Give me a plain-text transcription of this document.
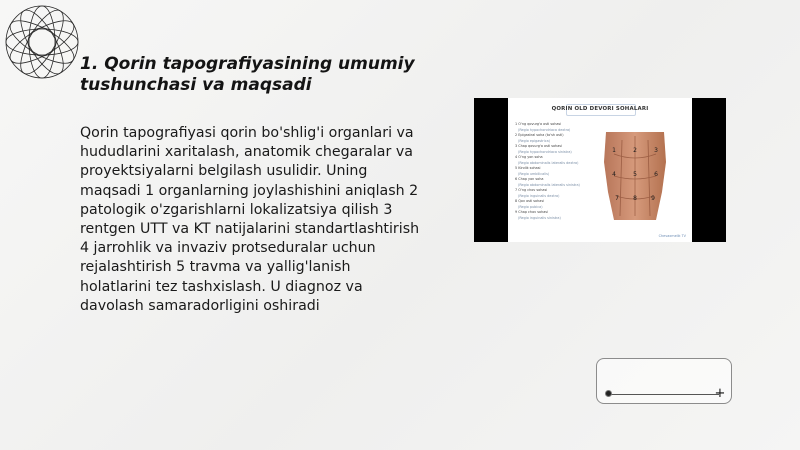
1. Qorin tapografiyasining umumiy tushunchasi va maqsadi

Qorin tapografiyasi qorin bo'shlig'i organlari va hududlarini xaritalash, anatomik chegaralar va proyektsiyalarni belgilash usulidir. Uning maqsadi 1 organlarning joylashishini aniqlash 2 patologik o'zgarishlarni lokalizatsiya qilish 3 rentgen UTT va KT natijalarini standartlashtirish 4 jarrohlik va invaziv protseduralar uchun rejalashtirish 5 travma va yallig'lanish holatlarini tez tashxislash. U diagnoz va davolash samaradorligini oshiradi

QORIN OLD DEVORI SOHALARI
1 O'ng qovurg'a osti sohasi
(Regio hypochondriaca dextra)
2 Epigastral soha (to'sh osti)
(Regio epigastrica)
3 Chap qovurg'a osti sohasi
(Regio hypochondriaca sinistra)
4 O'ng yon soha
(Regio abdominalis lateralis dextra)
5 Kindik sohasi
(Regio umbilicalis)
6 Chap yon soha
(Regio abdominalis lateralis sinistra)
7 O'ng chov sohasi
(Regio inguinalis dextra)
8 Qov osti sohasi
(Regio pubica)
9 Chap chov sohasi
(Regio inguinalis sinistra)
1	2	3
4	5	6
7 8 9
Chevaxmelik TV
+
